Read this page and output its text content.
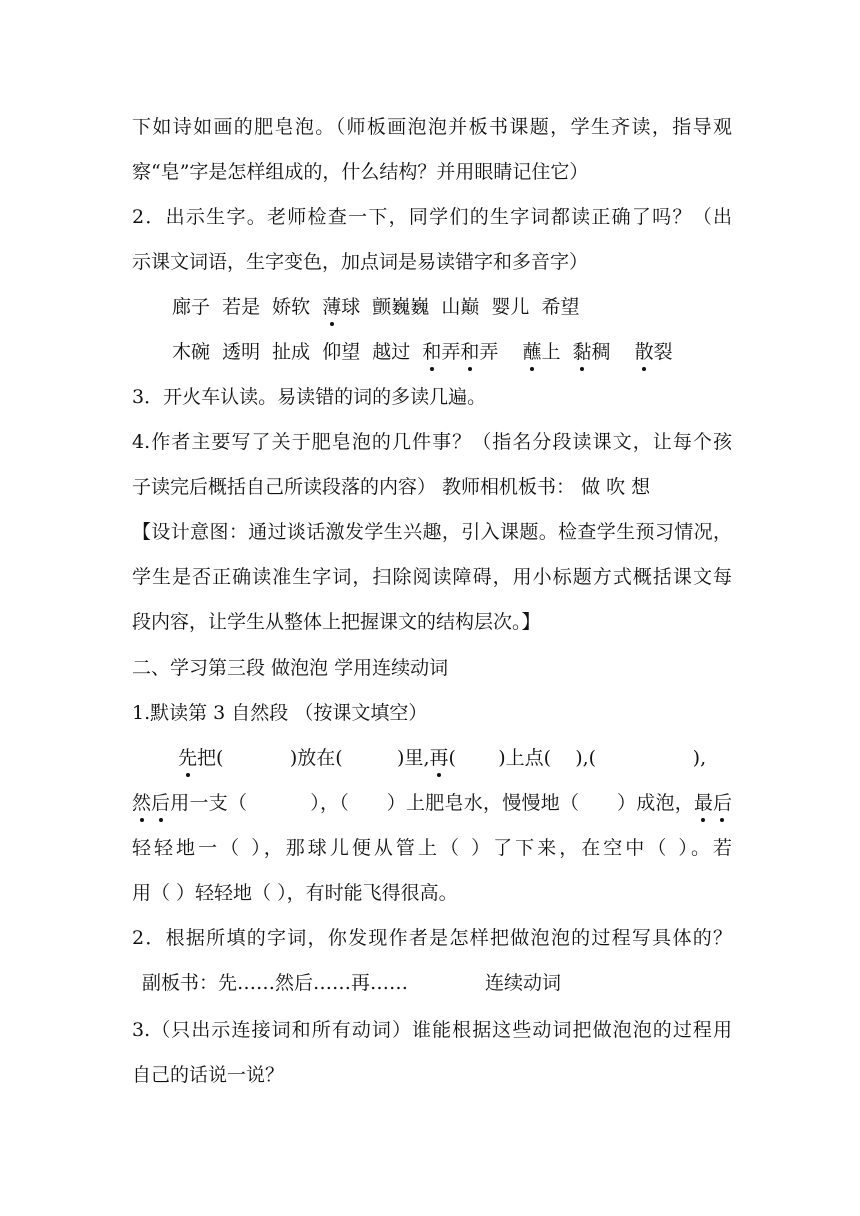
下如诗如画的肥皂泡。（师板画泡泡并板书课题，学生齐读，指导观
察“皂”字是怎样组成的，什么结构？并用眼睛记住它）
2．出示生字。老师检查一下，同学们的生字词都读正确了吗？（出
示课文词语，生字变色，加点词是易读错字和多音字）
廊子 若是 娇软 薄球 颤巍巍 山巅 婴儿 希望
木碗 透明 扯成 仰望 越过 和弄和弄 蘸上 黏稠 散裂
3．开火车认读。易读错的词的多读几遍。
4.作者主要写了关于肥皂泡的几件事？（指名分段读课文，让每个孩
子读完后概括自己所读段落的内容） 教师相机板书： 做 吹 想
【设计意图：通过谈话激发学生兴趣，引入课题。检查学生预习情况，
学生是否正确读准生字词，扫除阅读障碍，用小标题方式概括课文每
段内容，让学生从整体上把握课文的结构层次。】
二、学习第三段 做泡泡 学用连续动词
1.默读第 3 自然段 （按课文填空）
先把(           )放在(         )里,再(       )上点(    ),(                ),
然后用一支（          ），（      ）上肥皂水，慢慢地（      ）成泡，最后
轻轻地一（ ），那球儿便从管上（ ）了下来，在空中（ ）。若
用（ ）轻轻地（ ），有时能飞得很高。
2．根据所填的字词，你发现作者是怎样把做泡泡的过程写具体的？
副板书：先……然后……再……	连续动词
3.（只出示连接词和所有动词）谁能根据这些动词把做泡泡的过程用
自己的话说一说？
